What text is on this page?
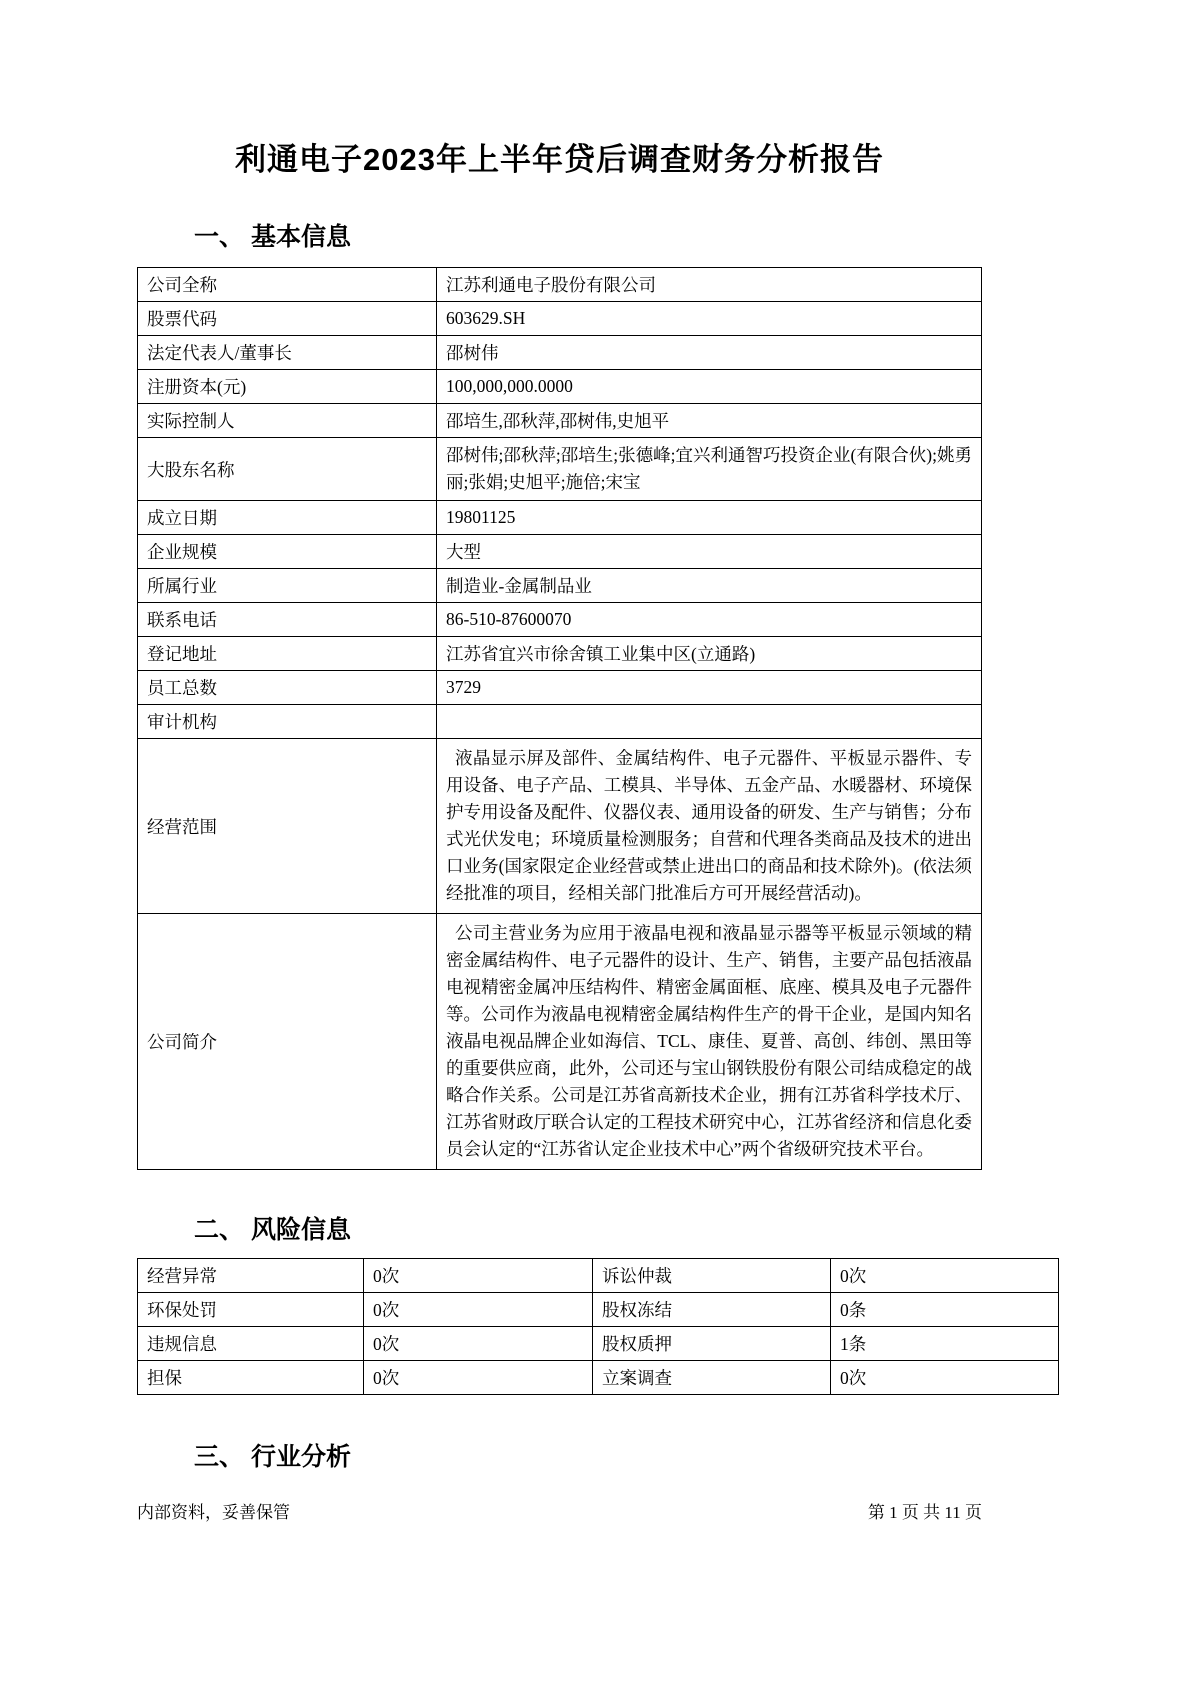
利通电子2023年上半年贷后调查财务分析报告
一、 基本信息
公司全称	江苏利通电子股份有限公司
股票代码	603629.SH
法定代表人/董事长	邵树伟
注册资本(元)	100,000,000.0000
实际控制人	邵培生,邵秋萍,邵树伟,史旭平
大股东名称	邵树伟;邵秋萍;邵培生;张德峰;宜兴利通智巧投资企业(有限合伙);姚勇丽;张娟;史旭平;施倍;宋宝
成立日期	19801125
企业规模	大型
所属行业	制造业-金属制品业
联系电话	86-510-87600070
登记地址	江苏省宜兴市徐舍镇工业集中区(立通路)
员工总数	3729
审计机构	
经营范围	液晶显示屏及部件、金属结构件、电子元器件、平板显示器件、专用设备、电子产品、工模具、半导体、五金产品、水暖器材、环境保护专用设备及配件、仪器仪表、通用设备的研发、生产与销售；分布式光伏发电；环境质量检测服务；自营和代理各类商品及技术的进出口业务(国家限定企业经营或禁止进出口的商品和技术除外)。(依法须经批准的项目，经相关部门批准后方可开展经营活动)。
公司简介	公司主营业务为应用于液晶电视和液晶显示器等平板显示领域的精密金属结构件、电子元器件的设计、生产、销售，主要产品包括液晶电视精密金属冲压结构件、精密金属面框、底座、模具及电子元器件等。公司作为液晶电视精密金属结构件生产的骨干企业，是国内知名液晶电视品牌企业如海信、TCL、康佳、夏普、高创、纬创、黑田等的重要供应商，此外，公司还与宝山钢铁股份有限公司结成稳定的战略合作关系。公司是江苏省高新技术企业，拥有江苏省科学技术厅、江苏省财政厅联合认定的工程技术研究中心，江苏省经济和信息化委员会认定的“江苏省认定企业技术中心”两个省级研究技术平台。
二、 风险信息
经营异常	0次	诉讼仲裁	0次
环保处罚	0次	股权冻结	0条
违规信息	0次	股权质押	1条
担保	0次	立案调查	0次
三、 行业分析
内部资料，妥善保管	第 1 页 共 11 页
